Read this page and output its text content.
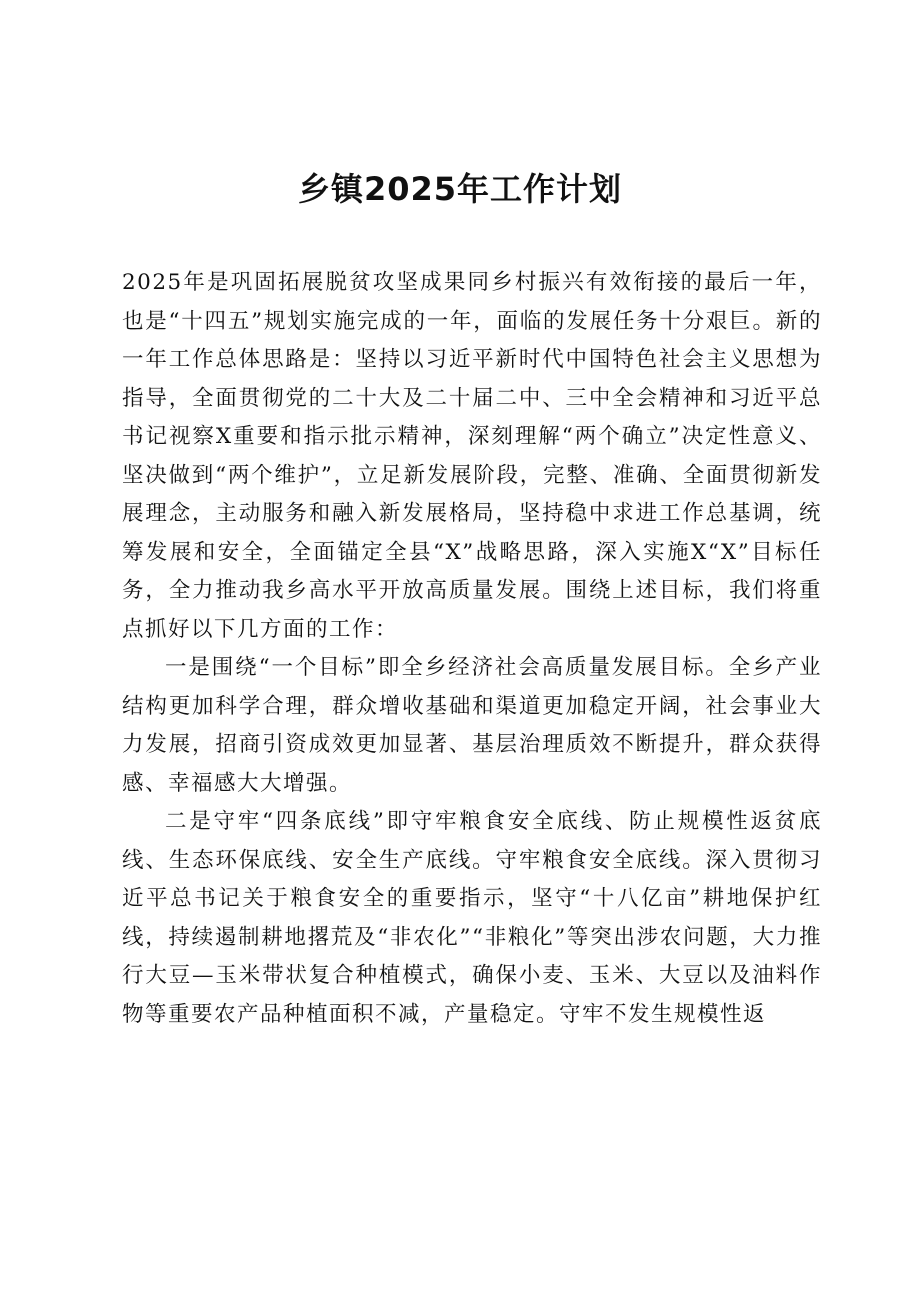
乡镇2025年工作计划

2025年是巩固拓展脱贫攻坚成果同乡村振兴有效衔接的最后一年，也是“十四五”规划实施完成的一年，面临的发展任务十分艰巨。新的一年工作总体思路是：坚持以习近平新时代中国特色社会主义思想为指导，全面贯彻党的二十大及二十届二中、三中全会精神和习近平总书记视察X重要和指示批示精神，深刻理解“两个确立”决定性意义、坚决做到“两个维护”，立足新发展阶段，完整、准确、全面贯彻新发展理念，主动服务和融入新发展格局，坚持稳中求进工作总基调，统筹发展和安全，全面锚定全县“X”战略思路，深入实施X“X”目标任务，全力推动我乡高水平开放高质量发展。围绕上述目标，我们将重点抓好以下几方面的工作：

一是围绕“一个目标”即全乡经济社会高质量发展目标。全乡产业结构更加科学合理，群众增收基础和渠道更加稳定开阔，社会事业大力发展，招商引资成效更加显著、基层治理质效不断提升，群众获得感、幸福感大大增强。

二是守牢“四条底线”即守牢粮食安全底线、防止规模性返贫底线、生态环保底线、安全生产底线。守牢粮食安全底线。深入贯彻习近平总书记关于粮食安全的重要指示，坚守“十八亿亩”耕地保护红线，持续遏制耕地撂荒及“非农化”“非粮化”等突出涉农问题，大力推行大豆—玉米带状复合种植模式，确保小麦、玉米、大豆以及油料作物等重要农产品种植面积不减，产量稳定。守牢不发生规模性返
